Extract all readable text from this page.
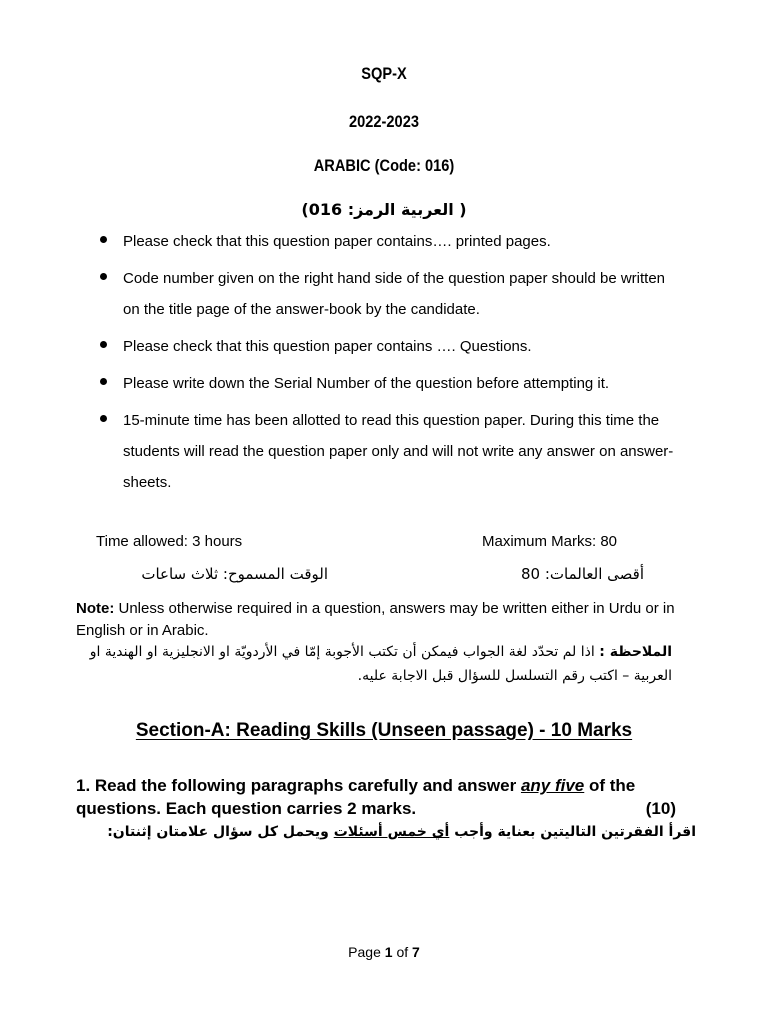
SQP-X
2022-2023
ARABIC (Code: 016)
( العربية الرمز: 016)
Please check that this question paper contains…. printed pages.
Code number given on the right hand side of the question paper should be written on the title page of the answer-book by the candidate.
Please check that this question paper contains …. Questions.
Please write down the Serial Number of the question before attempting it.
15-minute time has been allotted to read this question paper. During this time the students will read the question paper only and will not write any answer on answer-sheets.
Time allowed: 3 hours	Maximum Marks: 80
الوقت المسموح: ثلاث ساعات	أقصى العالمات: 80
Note: Unless otherwise required in a question, answers may be written either in Urdu or in English or in Arabic.
الملاحظة : اذا لم تحدّد لغة الجواب فيمكن أن تكتب الأجوبة إمّا في الأردويّة او الانجليزية او الهندية او العربية – اكتب رقم التسلسل للسؤال قبل الاجابة عليه.
Section-A: Reading Skills (Unseen passage) - 10 Marks
1. Read the following paragraphs carefully and answer any five of the questions. Each question carries 2 marks.	(10)
اقرأ الفقرتين التاليتين بعناية وأجب أي خمس أسئلات ويحمل كل سؤال علامتان إثنتان:
Page 1 of 7
